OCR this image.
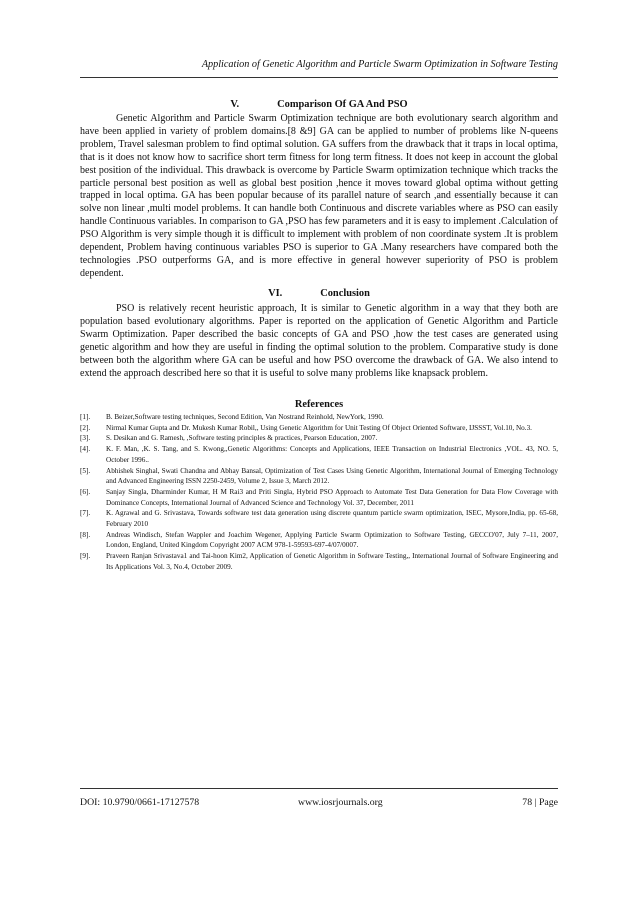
Application of Genetic Algorithm and Particle Swarm Optimization in Software Testing
V.	Comparison Of GA And PSO

Genetic Algorithm and Particle Swarm Optimization technique are both evolutionary search algorithm and have been applied in variety of problem domains.[8 &9] GA can be applied to number of problems like N-queens problem, Travel salesman problem to find optimal solution. GA suffers from the drawback that it traps in local optima, that is it does not know how to sacrifice short term fitness for long term fitness. It does not keep in account the global best position of the individual. This drawback is overcome by Particle Swarm optimization technique which tracks the particle personal best position as well as global best position ,hence it moves toward global optima without getting trapped in local optima. GA has been popular because of its parallel nature of search ,and essentially because it can solve non linear ,multi model problems. It can handle both Continuous and discrete variables where as PSO can easily handle Continuous variables. In comparison to GA ,PSO has few parameters and it is easy to implement .Calculation of PSO Algorithm is very simple though it is difficult to implement with problem of non coordinate system .It is problem dependent, Problem having continuous variables PSO is superior to GA .Many researchers have compared both the technologies .PSO outperforms GA, and is more effective in general however superiority of PSO is problem dependent.

VI.	Conclusion

PSO is relatively recent heuristic approach, It is similar to Genetic algorithm in a way that they both are population based evolutionary algorithms. Paper is reported on the application of Genetic Algorithm and Particle Swarm Optimization. Paper described the basic concepts of GA and PSO ,how the test cases are generated using genetic algorithm and how they are useful in finding the optimal solution to the problem. Comparative study is done between both the algorithm where GA can be useful and how PSO overcome the drawback of GA. We also intend to extend the approach described here so that it is useful to solve many problems like knapsack problem.

References
[1].	B. Beizer,Software testing techniques, Second Edition, Van Nostrand Reinhold, NewYork, 1990.
[2].	Nirmal Kumar Gupta and Dr. Mukesh Kumar Robil,, Using Genetic Algorithm for Unit Testing Of Object Oriented Software, IJSSST, Vol.10, No.3.
[3].	S. Desikan and G. Ramesh, ,Software testing principles & practices, Pearson Education, 2007.
[4].	K. F. Man, ,K. S. Tang, and S. Kwong,,Genetic Algorithms: Concepts and Applications, IEEE Transaction on Industrial Electronics ,VOL. 43, NO. 5, October 1996..
[5].	Abhishek Singhal, Swati Chandna and Abhay Bansal, Optimization of Test Cases Using Genetic Algorithm, International Journal of Emerging Technology and Advanced Engineering ISSN 2250-2459, Volume 2, Issue 3, March 2012.
[6].	Sanjay Singla, Dharminder Kumar, H M Rai3 and Priti Singla, Hybrid PSO Approach to Automate Test Data Generation for Data Flow Coverage with Dominance Concepts, International Journal of Advanced Science and Technology Vol. 37, December, 2011
[7].	K. Agrawal and G. Srivastava, Towards software test data generation using discrete quantum particle swarm optimization, ISEC, Mysore,India, pp. 65-68, February 2010
[8].	Andreas Windisch, Stefan Wappler and Joachim Wegener, Applying Particle Swarm Optimization to Software Testing, GECCO'07, July 7–11, 2007, London, England, United Kingdom Copyright 2007 ACM 978-1-59593-697-4/07/0007.
[9].	Praveen Ranjan Srivastava1 and Tai-hoon Kim2, Application of Genetic Algorithm in Software Testing,, International Journal of Software Engineering and Its Applications Vol. 3, No.4, October 2009.
DOI: 10.9790/0661-17127578	www.iosrjournals.org	78 | Page
